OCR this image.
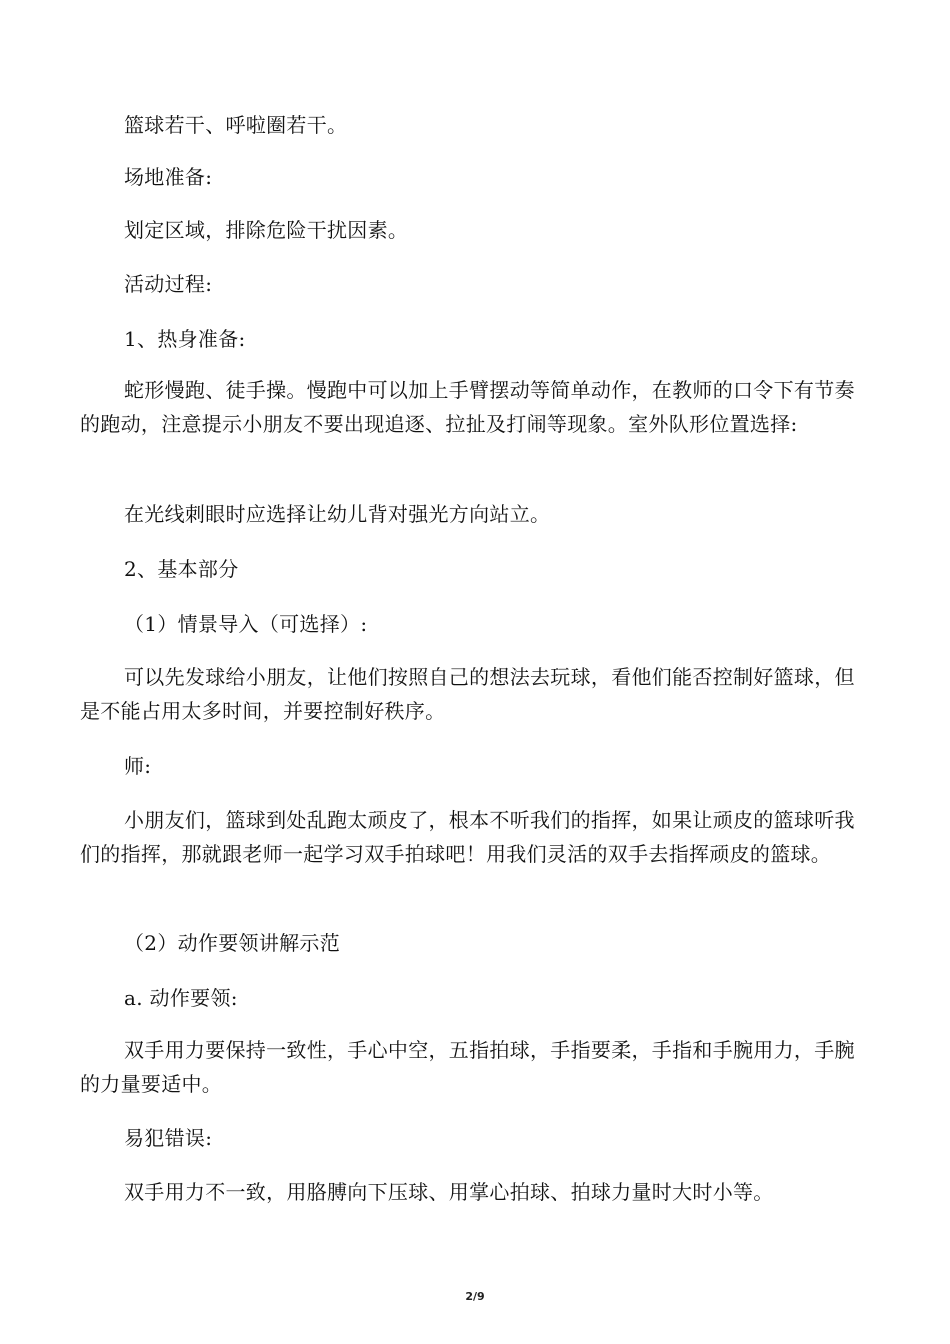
篮球若干、呼啦圈若干。

场地准备:

划定区域，排除危险干扰因素。

活动过程:

1、热身准备:

蛇形慢跑、徒手操。慢跑中可以加上手臂摆动等简单动作，在教师的口令下有节奏的跑动，注意提示小朋友不要出现追逐、拉扯及打闹等现象。室外队形位置选择:

在光线刺眼时应选择让幼儿背对强光方向站立。

2、基本部分

（1）情景导入（可选择）:

可以先发球给小朋友，让他们按照自己的想法去玩球，看他们能否控制好篮球，但是不能占用太多时间，并要控制好秩序。

师:

小朋友们，篮球到处乱跑太顽皮了，根本不听我们的指挥，如果让顽皮的篮球听我们的指挥，那就跟老师一起学习双手拍球吧！用我们灵活的双手去指挥顽皮的篮球。

（2）动作要领讲解示范

a. 动作要领:

双手用力要保持一致性，手心中空，五指拍球，手指要柔，手指和手腕用力，手腕的力量要适中。

易犯错误:

双手用力不一致，用胳膊向下压球、用掌心拍球、拍球力量时大时小等。

2/9
